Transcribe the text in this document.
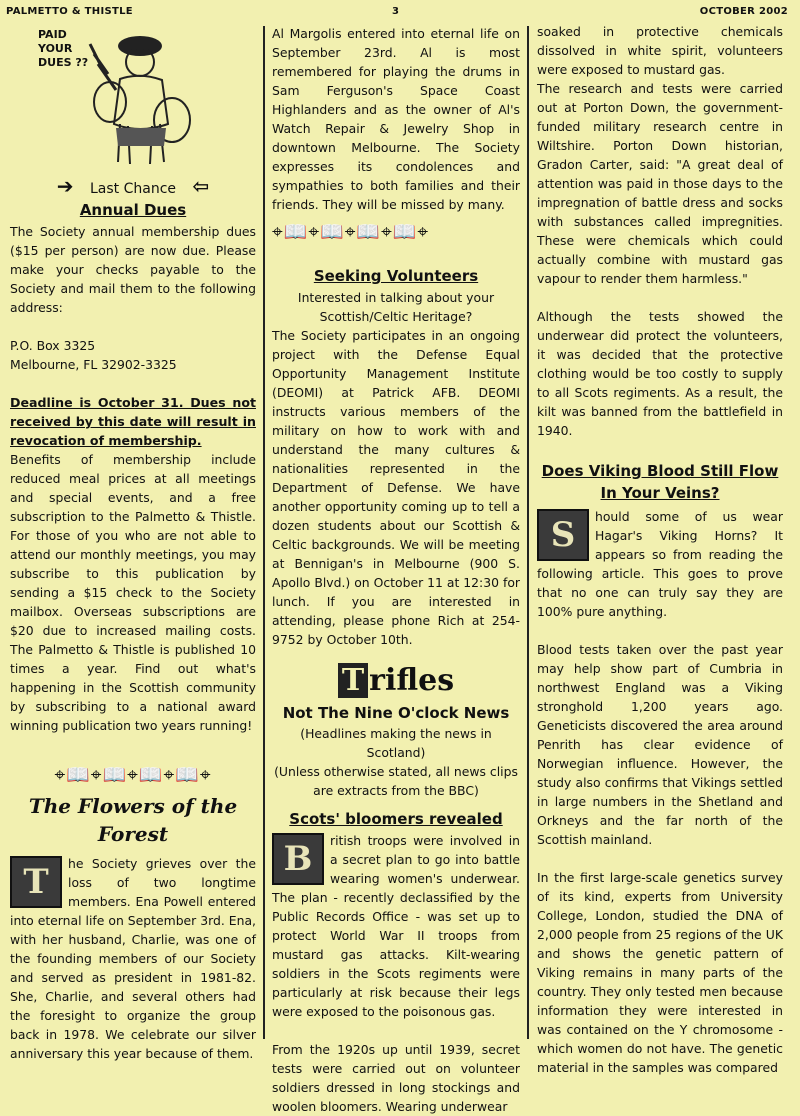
PALMETTO & THISTLE	3	OCTOBER 2002
PAID YOUR DUES ??
➔ Last Chance ⇦
Annual Dues

The Society annual membership dues ($15 per person) are now due. Please make your checks payable to the Society and mail them to the following address:

P.O. Box 3325

Melbourne, FL 32902-3325

Deadline is October 31. Dues not received by this date will result in revocation of membership.

Benefits of membership include reduced meal prices at all meetings and special events, and a free subscription to the Palmetto & Thistle. For those of you who are not able to attend our monthly meetings, you may subscribe to this publication by sending a $15 check to the Society mailbox. Overseas subscriptions are $20 due to increased mailing costs. The Palmetto & Thistle is published 10 times a year. Find out what's happening in the Scottish community by subscribing to a national award winning publication two years running!

⌖📖⌖📖⌖📖⌖📖⌖
The Flowers of the
Forest
T	he Society grieves over the loss of two longtime members. Ena Powell entered into eternal life on September 3rd. Ena, with her husband, Charlie, was one of the founding members of our Society and served as president in 1981-82. She, Charlie, and several others had the foresight to organize the group back in 1978. We celebrate our silver anniversary this year because of them.

Al Margolis entered into eternal life on September 23rd. Al is most remembered for playing the drums in Sam Ferguson's Space Coast Highlanders and as the owner of Al's Watch Repair & Jewelry Shop in downtown Melbourne. The Society expresses its condolences and sympathies to both families and their friends. They will be missed by many.

⌖📖⌖📖⌖📖⌖📖⌖
Seeking Volunteers

Interested in talking about your Scottish/Celtic Heritage?

The Society participates in an ongoing project with the Defense Equal Opportunity Management Institute (DEOMI) at Patrick AFB. DEOMI instructs various members of the military on how to work with and understand the many cultures & nationalities represented in the Department of Defense. We have another opportunity coming up to tell a dozen students about our Scottish & Celtic backgrounds. We will be meeting at Bennigan's in Melbourne (900 S. Apollo Blvd.) on October 11 at 12:30 for lunch. If you are interested in attending, please phone Rich at 254-9752 by October 10th.

T rifles
Not The Nine O'clock News

(Headlines making the news in Scotland)

(Unless otherwise stated, all news clips are extracts from the BBC)

Scots' bloomers revealed
B	ritish troops were involved in a secret plan to go into battle wearing women's underwear. The plan - recently declassified by the Public Records Office - was set up to protect World War II troops from mustard gas attacks. Kilt-wearing soldiers in the Scots regiments were particularly at risk because their legs were exposed to the poisonous gas.

From the 1920s up until 1939, secret tests were carried out on volunteer soldiers dressed in long stockings and woolen bloomers. Wearing underwear

soaked in protective chemicals dissolved in white spirit, volunteers were exposed to mustard gas.

The research and tests were carried out at Porton Down, the government-funded military research centre in Wiltshire. Porton Down historian, Gradon Carter, said: "A great deal of attention was paid in those days to the impregnation of battle dress and socks with substances called impregnities. These were chemicals which could actually combine with mustard gas vapour to render them harmless."

Although the tests showed the underwear did protect the volunteers, it was decided that the protective clothing would be too costly to supply to all Scots regiments. As a result, the kilt was banned from the battlefield in 1940.

Does Viking Blood Still Flow
In Your Veins?
S	hould some of us wear Hagar's Viking Horns? It appears so from reading the following article. This goes to prove that no one can truly say they are 100% pure anything.

Blood tests taken over the past year may help show part of Cumbria in northwest England was a Viking stronghold 1,200 years ago. Geneticists discovered the area around Penrith has clear evidence of Norwegian influence. However, the study also confirms that Vikings settled in large numbers in the Shetland and Orkneys and the far north of the Scottish mainland.

In the first large-scale genetics survey of its kind, experts from University College, London, studied the DNA of 2,000 people from 25 regions of the UK and shows the genetic pattern of Viking remains in many parts of the country. They only tested men because information they were interested in was contained on the Y chromosome - which women do not have. The genetic material in the samples was compared
